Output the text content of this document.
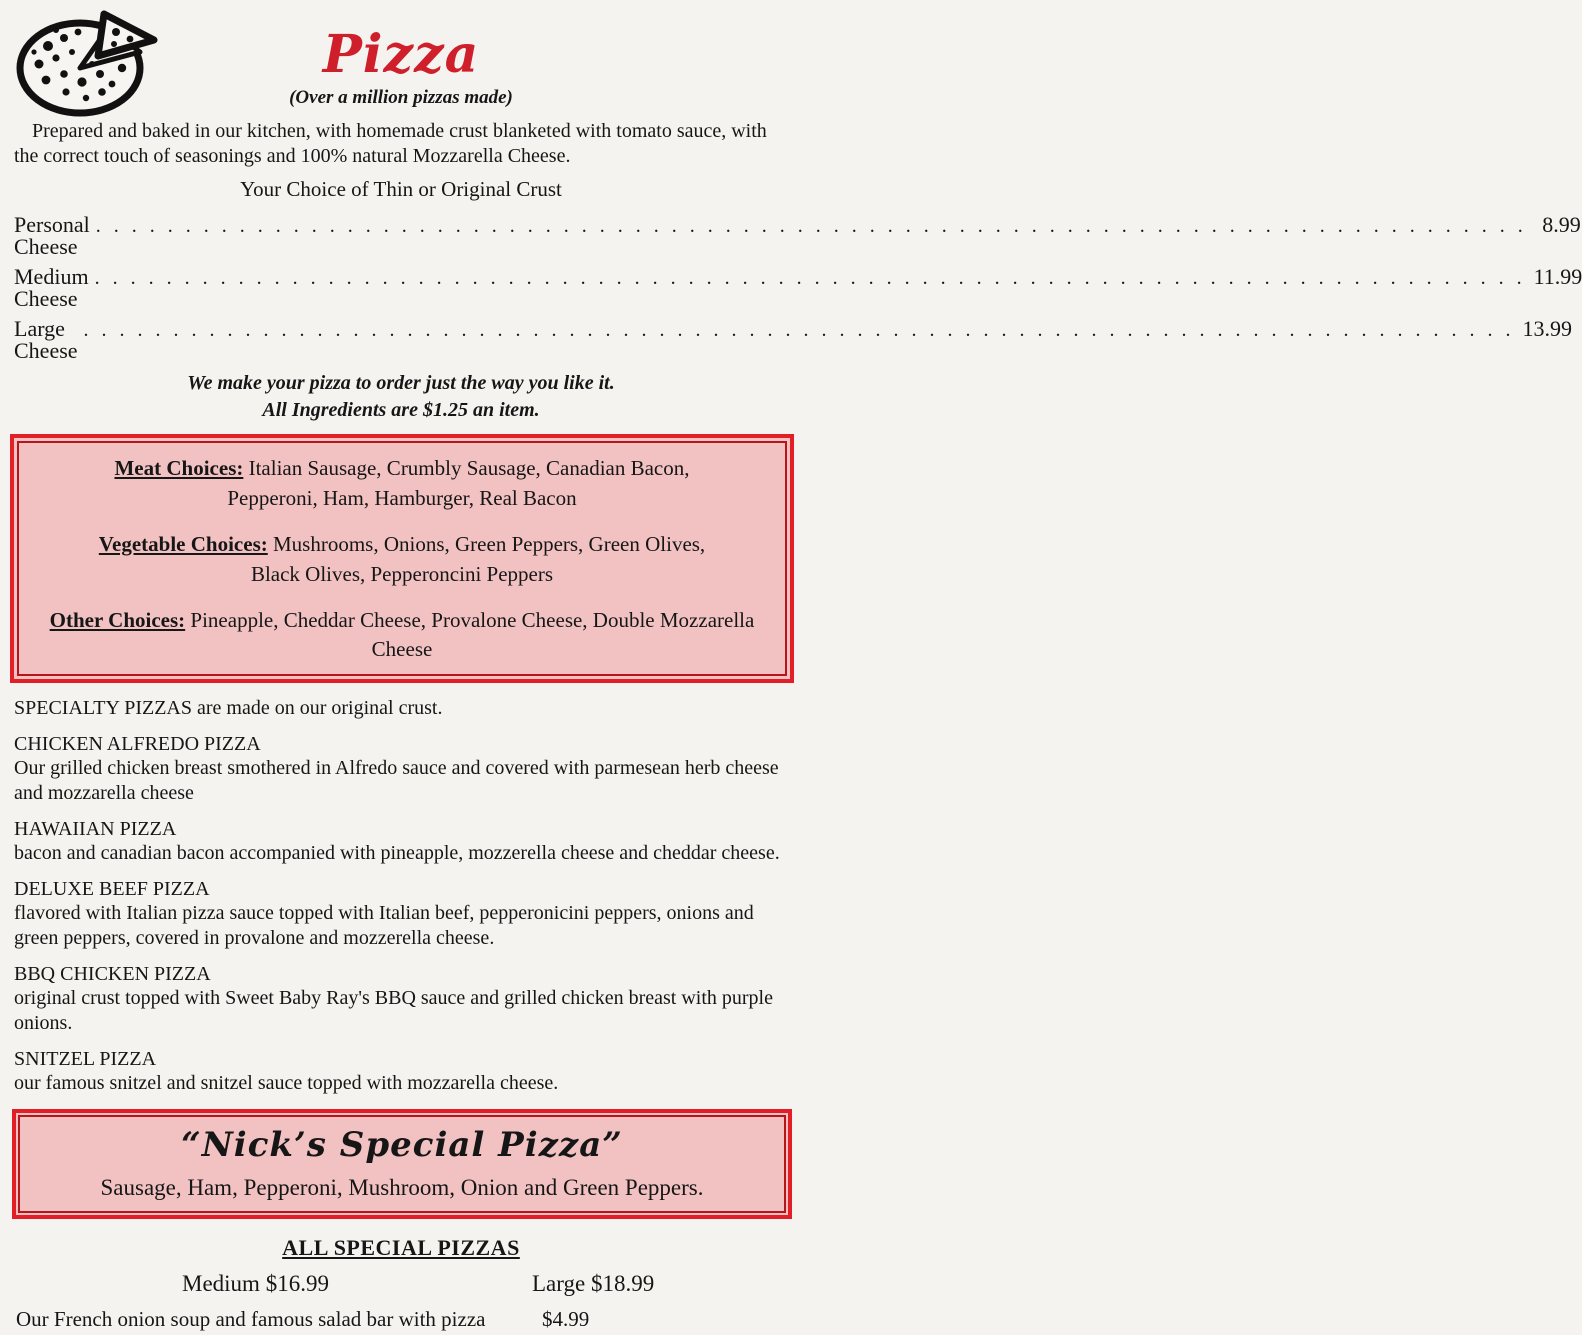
Pizza
(Over a million pizzas made)

Prepared and baked in our kitchen, with homemade crust blanketed with tomato sauce, with the correct touch of seasonings and 100% natural Mozzarella Cheese.

Your Choice of Thin or Original Crust
Personal Cheese
. . .
8.99
Medium Cheese
. . .
11.99
Large Cheese
. . .
13.99
We make your pizza to order just the way you like it.
All Ingredients are $1.25 an item.
Meat Choices: Italian Sausage, Crumbly Sausage, Canadian Bacon,
Pepperoni, Ham, Hamburger, Real Bacon
Vegetable Choices: Mushrooms, Onions, Green Peppers, Green Olives,
Black Olives, Pepperoncini Peppers
Other Choices: Pineapple, Cheddar Cheese, Provalone Cheese, Double Mozzarella Cheese

SPECIALTY PIZZAS are made on our original crust.

CHICKEN ALFREDO PIZZA

Our grilled chicken breast smothered in Alfredo sauce and covered with parmesean herb cheese and mozzarella cheese

HAWAIIAN PIZZA

bacon and canadian bacon accompanied with pineapple, mozzerella cheese and cheddar cheese.

DELUXE BEEF PIZZA

flavored with Italian pizza sauce topped with Italian beef, pepperonicini peppers, onions and green peppers, covered in provalone and mozzerella cheese.

BBQ CHICKEN PIZZA

original crust topped with Sweet Baby Ray's BBQ sauce and grilled chicken breast with purple onions.

SNITZEL PIZZA

our famous snitzel and snitzel sauce topped with mozzarella cheese.

“Nick’s Special Pizza”
Sausage, Ham, Pepperoni, Mushroom, Onion and Green Peppers.
ALL SPECIAL PIZZAS
Medium $16.99	Large $18.99
Our French onion soup and famous salad bar with pizza	$4.99
